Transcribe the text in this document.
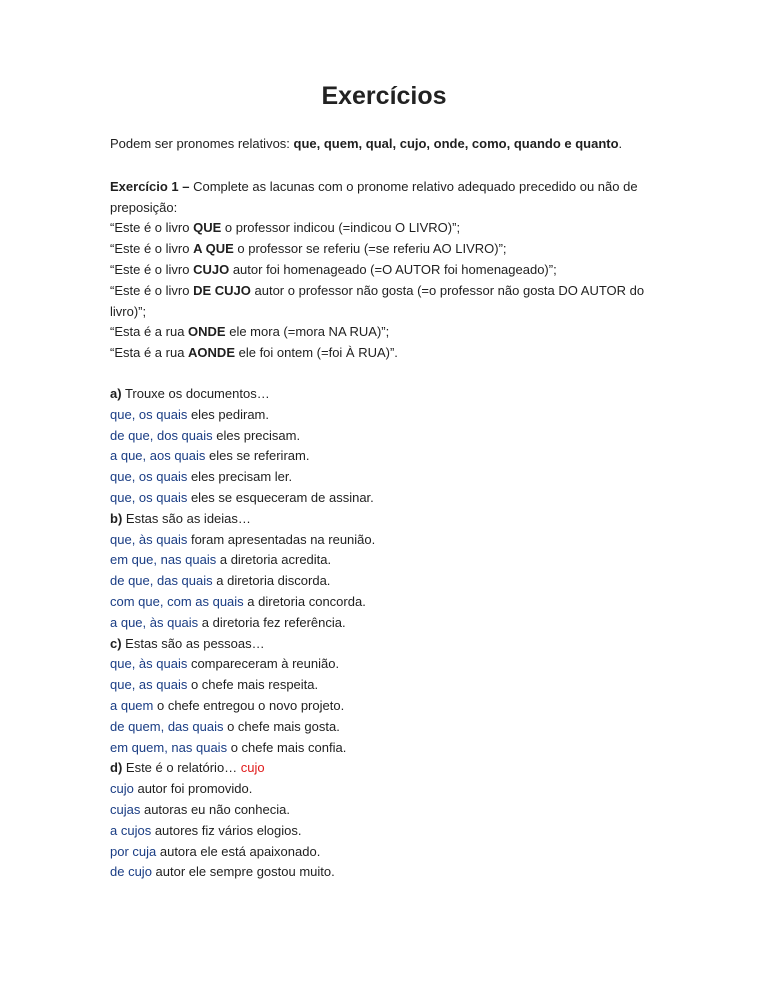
Exercícios

Podem ser pronomes relativos: que, quem, qual, cujo, onde, como, quando e quanto.

Exercício 1 – Complete as lacunas com o pronome relativo adequado precedido ou não de preposição:

“Este é o livro QUE o professor indicou (=indicou O LIVRO)”;

“Este é o livro A QUE o professor se referiu (=se referiu AO LIVRO)”;

“Este é o livro CUJO autor foi homenageado (=O AUTOR foi homenageado)”;

“Este é o livro DE CUJO autor o professor não gosta (=o professor não gosta DO AUTOR do livro)”;

“Esta é a rua ONDE ele mora (=mora NA RUA)”;

“Esta é a rua AONDE ele foi ontem (=foi À RUA)”.

a) Trouxe os documentos…

que, os quais eles pediram.

de que, dos quais eles precisam.

a que, aos quais eles se referiram.

que, os quais eles precisam ler.

que, os quais eles se esqueceram de assinar.

b) Estas são as ideias…

que, às quais foram apresentadas na reunião.

em que, nas quais a diretoria acredita.

de que, das quais a diretoria discorda.

com que, com as quais a diretoria concorda.

a que, às quais a diretoria fez referência.

c) Estas são as pessoas…

que, às quais compareceram à reunião.

que, as quais o chefe mais respeita.

a quem o chefe entregou o novo projeto.

de quem, das quais o chefe mais gosta.

em quem, nas quais o chefe mais confia.

d) Este é o relatório… cujo

cujo autor foi promovido.

cujas autoras eu não conhecia.

a cujos autores fiz vários elogios.

por cuja autora ele está apaixonado.

de cujo autor ele sempre gostou muito.
